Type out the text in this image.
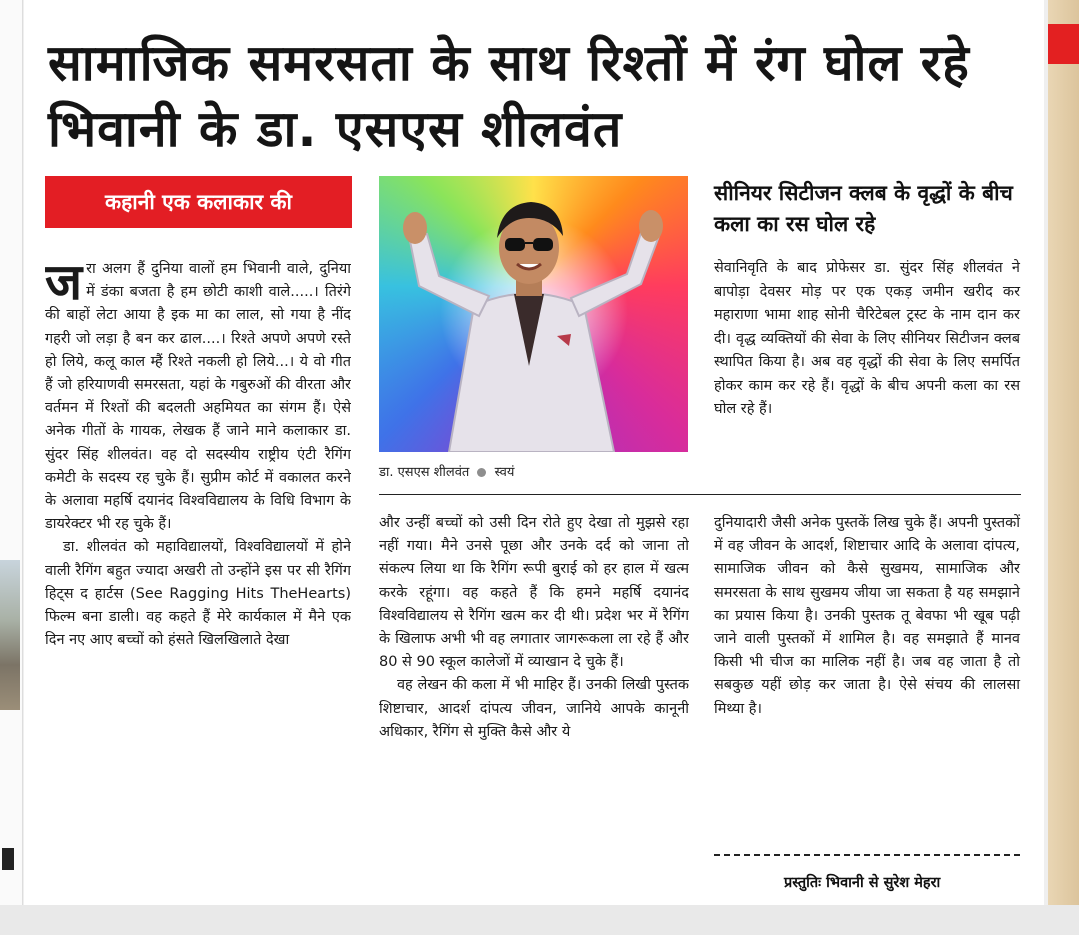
सामाजिक समरसता के साथ रिश्तों में रंग घोल रहे भिवानी के डा. एसएस शीलवंत
कहानी एक कलाकार की

जरा अलग हैं दुनिया वालों हम भिवानी वाले, दुनिया में डंका बजता है हम छोटी काशी वाले.....। तिरंगे की बाहों लेटा आया है इक मा का लाल, सो गया है नींद गहरी जो लड़ा है बन कर ढाल....। रिश्ते अपणे अपणे रस्ते हो लिये, कलू काल म्हैं रिश्ते नकली हो लिये...। ये वो गीत हैं जो हरियाणवी समरसता, यहां के गबुरुओं की वीरता और वर्तमन में रिश्तों की बदलती अहमियत का संगम हैं। ऐसे अनेक गीतों के गायक, लेखक हैं जाने माने कलाकार डा. सुंदर सिंह शीलवंत। वह दो सदस्यीय राष्ट्रीय एंटी रैगिंग कमेटी के सदस्य रह चुके हैं। सुप्रीम कोर्ट में वकालत करने के अलावा महर्षि दयानंद विश्वविद्यालय के विधि विभाग के डायरेक्टर भी रह चुके हैं।

डा. शीलवंत को महाविद्यालयों, विश्वविद्यालयों में होने वाली रैगिंग बहुत ज्यादा अखरी तो उन्होंने इस पर सी रैगिंग हिट्स द हार्टस (See Ragging Hits TheHearts) फिल्म बना डाली। वह कहते हैं मेरे कार्यकाल में मैने एक दिन नए आए बच्चों को हंसते खिलखिलाते देखा

डा. एसएस शीलवंत स्वयं
सीनियर सिटीजन क्लब के वृद्धों के बीच कला का रस घोल रहे

सेवानिवृति के बाद प्रोफेसर डा. सुंदर सिंह शीलवंत ने बापोड़ा देवसर मोड़ पर एक एकड़ जमीन खरीद कर महाराणा भामा शाह सोनी चैरिटेबल ट्रस्ट के नाम दान कर दी। वृद्ध व्यक्तियों की सेवा के लिए सीनियर सिटीजन क्लब स्थापित किया है। अब वह वृद्धों की सेवा के लिए समर्पित होकर काम कर रहे हैं। वृद्धों के बीच अपनी कला का रस घोल रहे हैं।

और उन्हीं बच्चों को उसी दिन रोते हुए देखा तो मुझसे रहा नहीं गया। मैने उनसे पूछा और उनके दर्द को जाना तो संकल्प लिया था कि रैगिंग रूपी बुराई को हर हाल में खत्म करके रहूंगा। वह कहते हैं कि हमने महर्षि दयानंद विश्वविद्यालय से रैगिंग खत्म कर दी थी। प्रदेश भर में रैगिंग के खिलाफ अभी भी वह लगातार जागरूकला ला रहे हैं और 80 से 90 स्कूल कालेजों में व्याखान दे चुके हैं।

वह लेखन की कला में भी माहिर हैं। उनकी लिखी पुस्तक शिष्टाचार, आदर्श दांपत्य जीवन, जानिये आपके कानूनी अधिकार, रैगिंग से मुक्ति कैसे और ये

दुनियादारी जैसी अनेक पुस्तकें लिख चुके हैं। अपनी पुस्तकों में वह जीवन के आदर्श, शिष्टाचार आदि के अलावा दांपत्य, सामाजिक जीवन को कैसे सुखमय, सामाजिक और समरसता के साथ सुखमय जीया जा सकता है यह समझाने का प्रयास किया है। उनकी पुस्तक तू बेवफा भी खूब पढ़ी जाने वाली पुस्तकों में शामिल है। वह समझाते हैं मानव किसी भी चीज का मालिक नहीं है। जब वह जाता है तो सबकुछ यहीं छोड़ कर जाता है। ऐसे संचय की लालसा मिथ्या है।

प्रस्तुतिः भिवानी से सुरेश मेहरा
